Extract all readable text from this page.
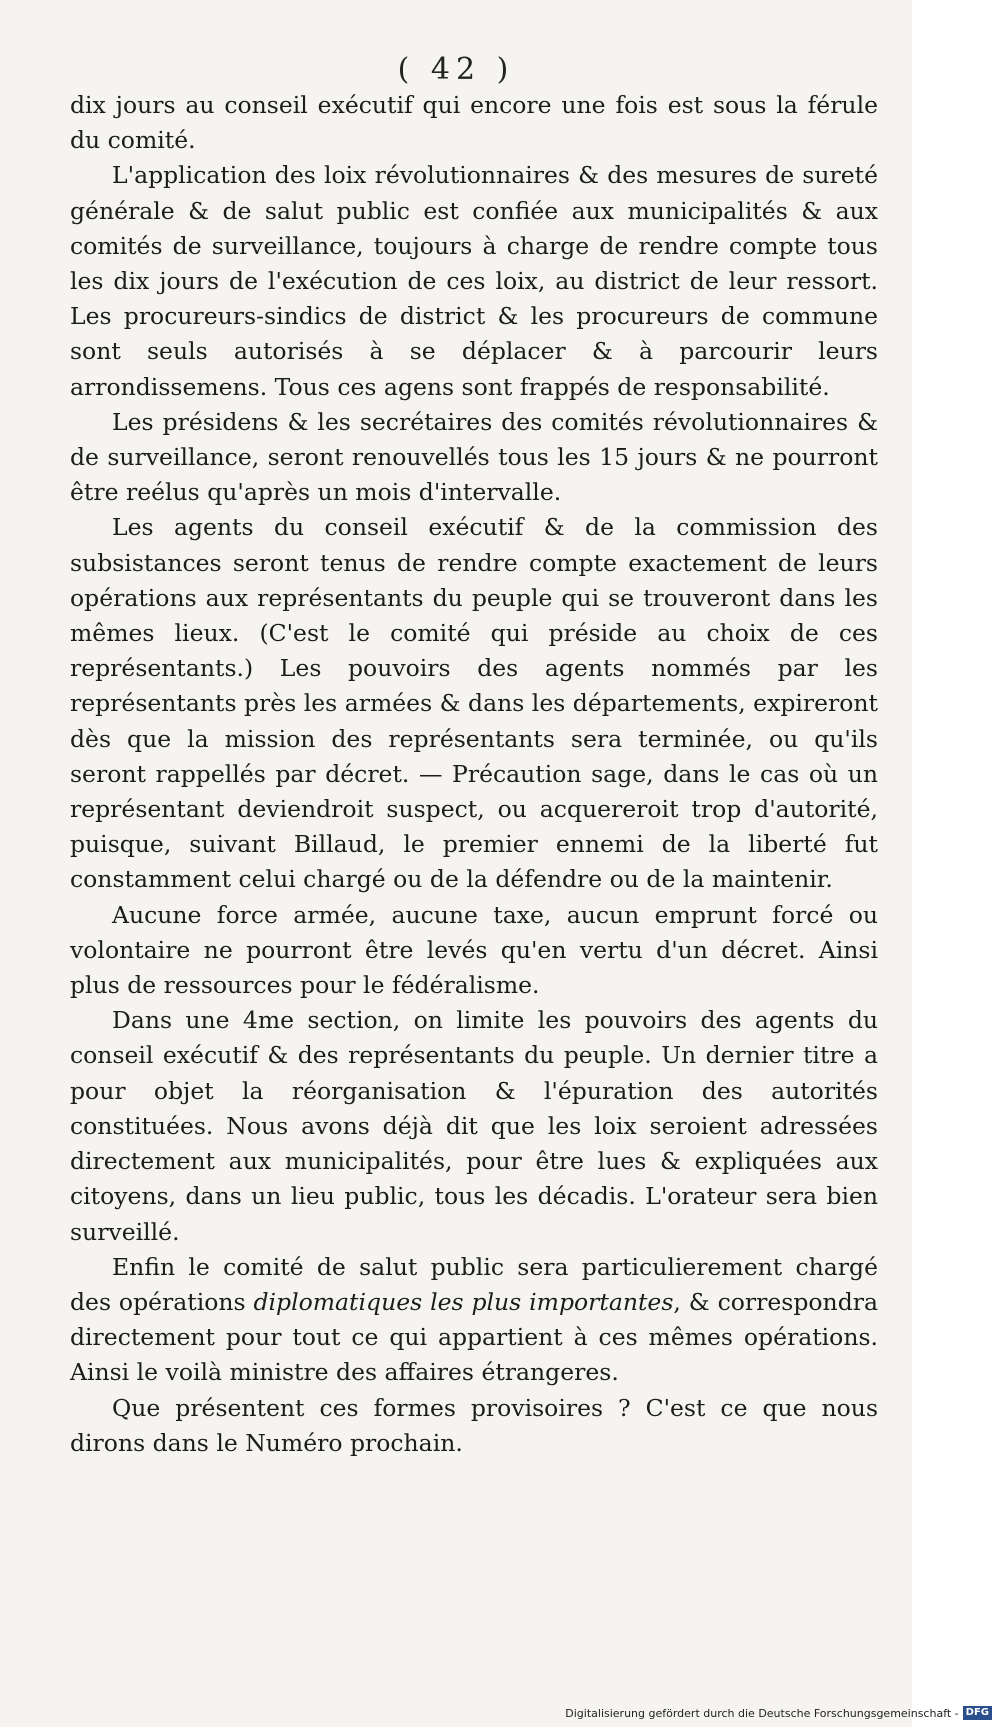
( 42 )

dix jours au conseil exécutif qui encore une fois est sous la férule du comité.

L'application des loix révolutionnaires & des mesures de sureté générale & de salut public est confiée aux municipalités & aux comités de surveillance, toujours à charge de rendre compte tous les dix jours de l'exécution de ces loix, au district de leur ressort. Les procureurs-sindics de district & les procureurs de commune sont seuls autorisés à se déplacer & à parcourir leurs arrondissemens. Tous ces agens sont frappés de responsabilité.

Les présidens & les secrétaires des comités révolutionnaires & de surveillance, seront renouvellés tous les 15 jours & ne pourront être reélus qu'après un mois d'intervalle.

Les agents du conseil exécutif & de la commission des subsistances seront tenus de rendre compte exactement de leurs opérations aux représentants du peuple qui se trouveront dans les mêmes lieux. (C'est le comité qui préside au choix de ces représentants.) Les pouvoirs des agents nommés par les représentants près les armées & dans les départements, expireront dès que la mission des représentants sera terminée, ou qu'ils seront rappellés par décret. — Précaution sage, dans le cas où un représentant deviendroit suspect, ou acquereroit trop d'autorité, puisque, suivant Billaud, le premier ennemi de la liberté fut constamment celui chargé ou de la défendre ou de la maintenir.

Aucune force armée, aucune taxe, aucun emprunt forcé ou volontaire ne pourront être levés qu'en vertu d'un décret. Ainsi plus de ressources pour le fédéralisme.

Dans une 4me section, on limite les pouvoirs des agents du conseil exécutif & des représentants du peuple. Un dernier titre a pour objet la réorganisation & l'épuration des autorités constituées. Nous avons déjà dit que les loix seroient adressées directement aux municipalités, pour être lues & expliquées aux citoyens, dans un lieu public, tous les décadis. L'orateur sera bien surveillé.

Enfin le comité de salut public sera particulierement chargé des opérations diplomatiques les plus importantes, & correspondra directement pour tout ce qui appartient à ces mêmes opérations. Ainsi le voilà ministre des affaires étrangeres.

Que présentent ces formes provisoires ? C'est ce que nous dirons dans le Numéro prochain.

Digitalisierung gefördert durch die Deutsche Forschungsgemeinschaft - DFG
